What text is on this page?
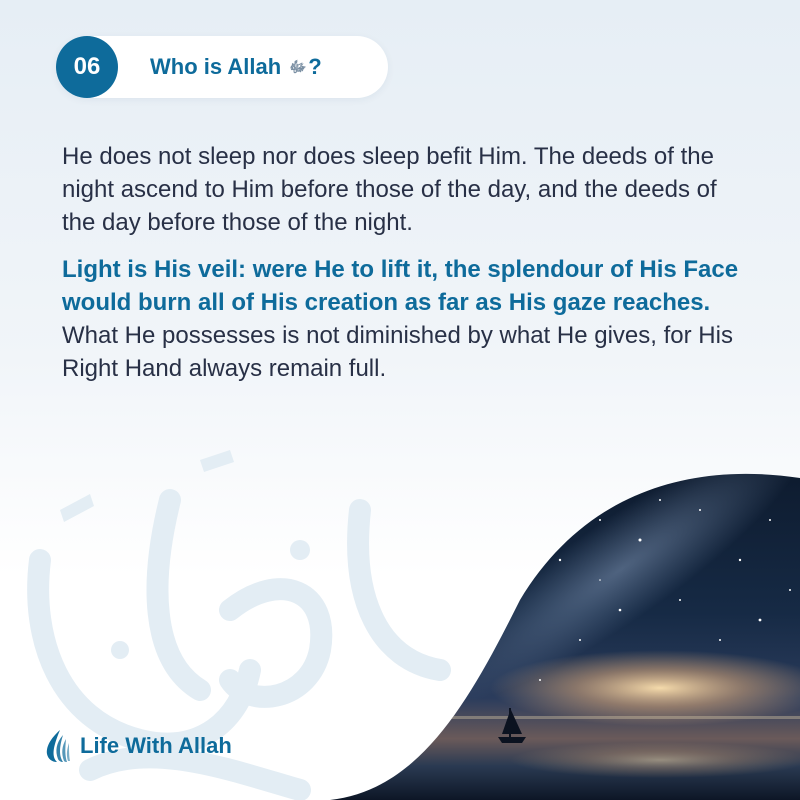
06	Who is Allah ﷻ?

He does not sleep nor does sleep befit Him. The deeds of the night ascend to Him before those of the day, and the deeds of the day before those of the night.

Light is His veil: were He to lift it, the splendour of His Face would burn all of His creation as far as His gaze reaches. What He possesses is not diminished by what He gives, for His Right Hand always remain full.

Life With Allah
